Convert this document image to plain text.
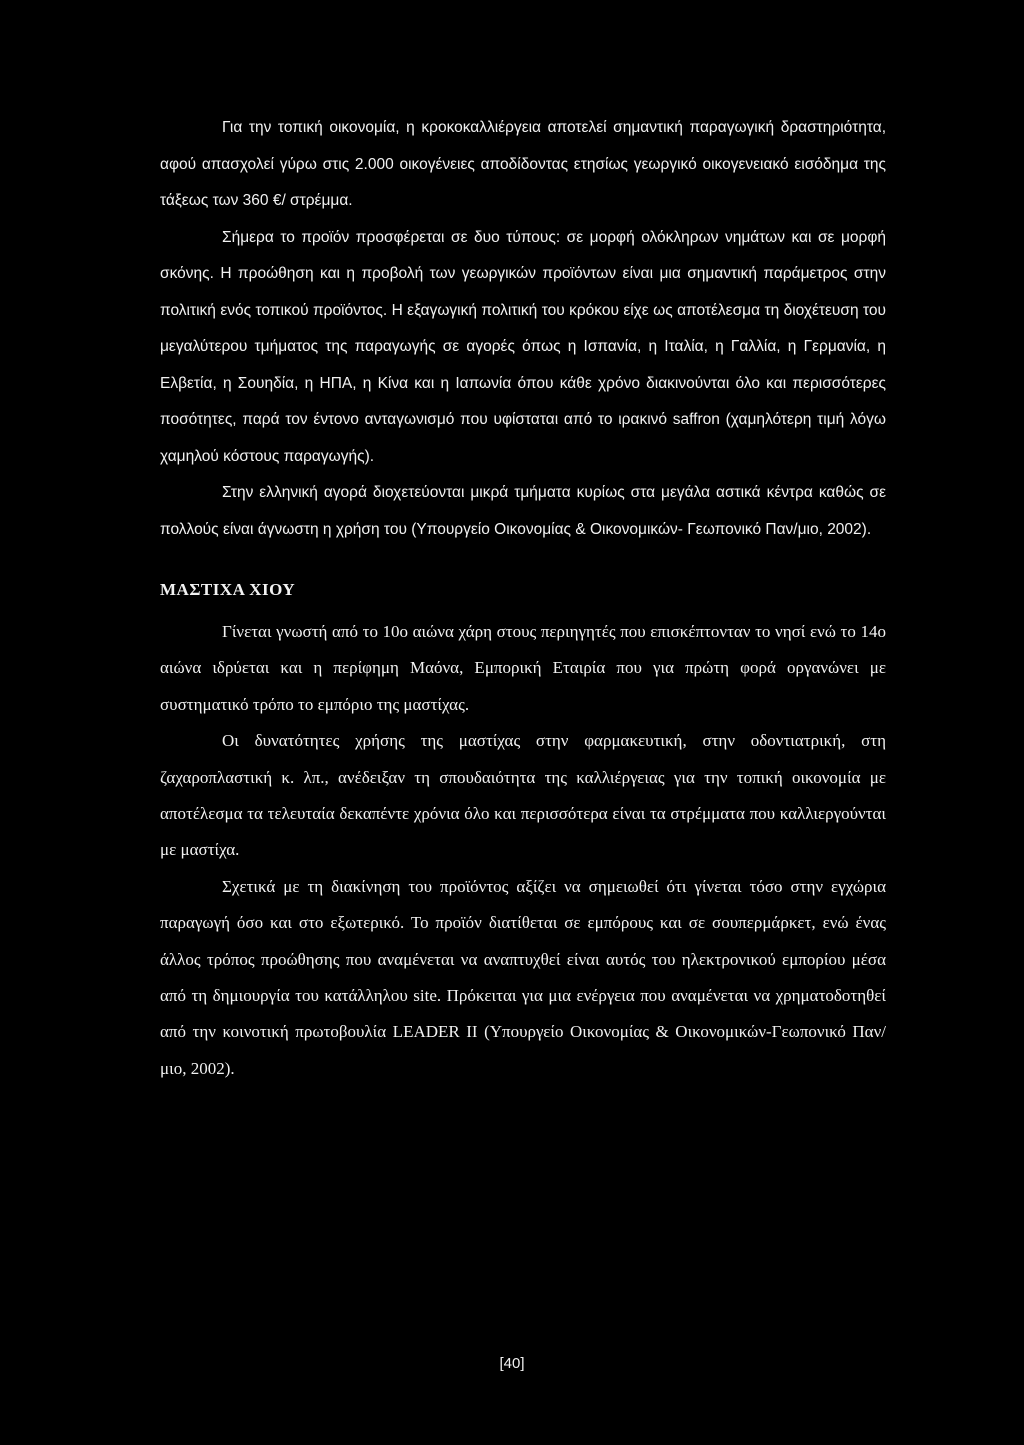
Για την τοπική οικονομία, η κροκοκαλλιέργεια αποτελεί σημαντική παραγωγική δραστηριότητα, αφού απασχολεί γύρω στις 2.000 οικογένειες αποδίδοντας ετησίως γεωργικό οικογενειακό εισόδημα της τάξεως των 360 €/ στρέμμα.

Σήμερα το προϊόν προσφέρεται σε δυο τύπους: σε μορφή ολόκληρων νημάτων και σε μορφή σκόνης. Η προώθηση και η προβολή των γεωργικών προϊόντων είναι μια σημαντική παράμετρος στην πολιτική ενός τοπικού προϊόντος. Η εξαγωγική πολιτική του κρόκου είχε ως αποτέλεσμα τη διοχέτευση του μεγαλύτερου τμήματος της παραγωγής σε αγορές όπως η Ισπανία, η Ιταλία, η Γαλλία, η Γερμανία, η Ελβετία, η Σουηδία, η ΗΠΑ, η Κίνα και η Ιαπωνία όπου κάθε χρόνο διακινούνται όλο και περισσότερες ποσότητες, παρά τον έντονο ανταγωνισμό που υφίσταται από το ιρακινό saffron (χαμηλότερη τιμή λόγω χαμηλού κόστους παραγωγής).

Στην ελληνική αγορά διοχετεύονται μικρά τμήματα κυρίως στα μεγάλα αστικά κέντρα καθώς σε πολλούς είναι άγνωστη η χρήση του (Υπουργείο Οικονομίας & Οικονομικών- Γεωπονικό Παν/μιο, 2002).

ΜΑΣΤΙΧΑ ΧΙΟΥ

Γίνεται γνωστή από το 10ο αιώνα χάρη στους περιηγητές που επισκέπτονταν το νησί ενώ το 14ο αιώνα ιδρύεται και η περίφημη Μαόνα, Εμπορική Εταιρία που για πρώτη φορά οργανώνει με συστηματικό τρόπο το εμπόριο της μαστίχας.

Οι δυνατότητες χρήσης της μαστίχας στην φαρμακευτική, στην οδοντιατρική, στη ζαχαροπλαστική κ. λπ., ανέδειξαν τη σπουδαιότητα της καλλιέργειας για την τοπική οικονομία με αποτέλεσμα τα τελευταία δεκαπέντε χρόνια όλο και περισσότερα είναι τα στρέμματα που καλλιεργούνται με μαστίχα.

Σχετικά με τη διακίνηση του προϊόντος αξίζει να σημειωθεί ότι γίνεται τόσο στην εγχώρια παραγωγή όσο και στο εξωτερικό. Το προϊόν διατίθεται σε εμπόρους και σε σουπερμάρκετ, ενώ ένας άλλος τρόπος προώθησης που αναμένεται να αναπτυχθεί είναι αυτός του ηλεκτρονικού εμπορίου μέσα από τη δημιουργία του κατάλληλου site. Πρόκειται για μια ενέργεια που αναμένεται να χρηματοδοτηθεί από την κοινοτική πρωτοβουλία LEADER II (Υπουργείο Οικονομίας & Οικονομικών-Γεωπονικό Παν/μιο, 2002).

[40]
